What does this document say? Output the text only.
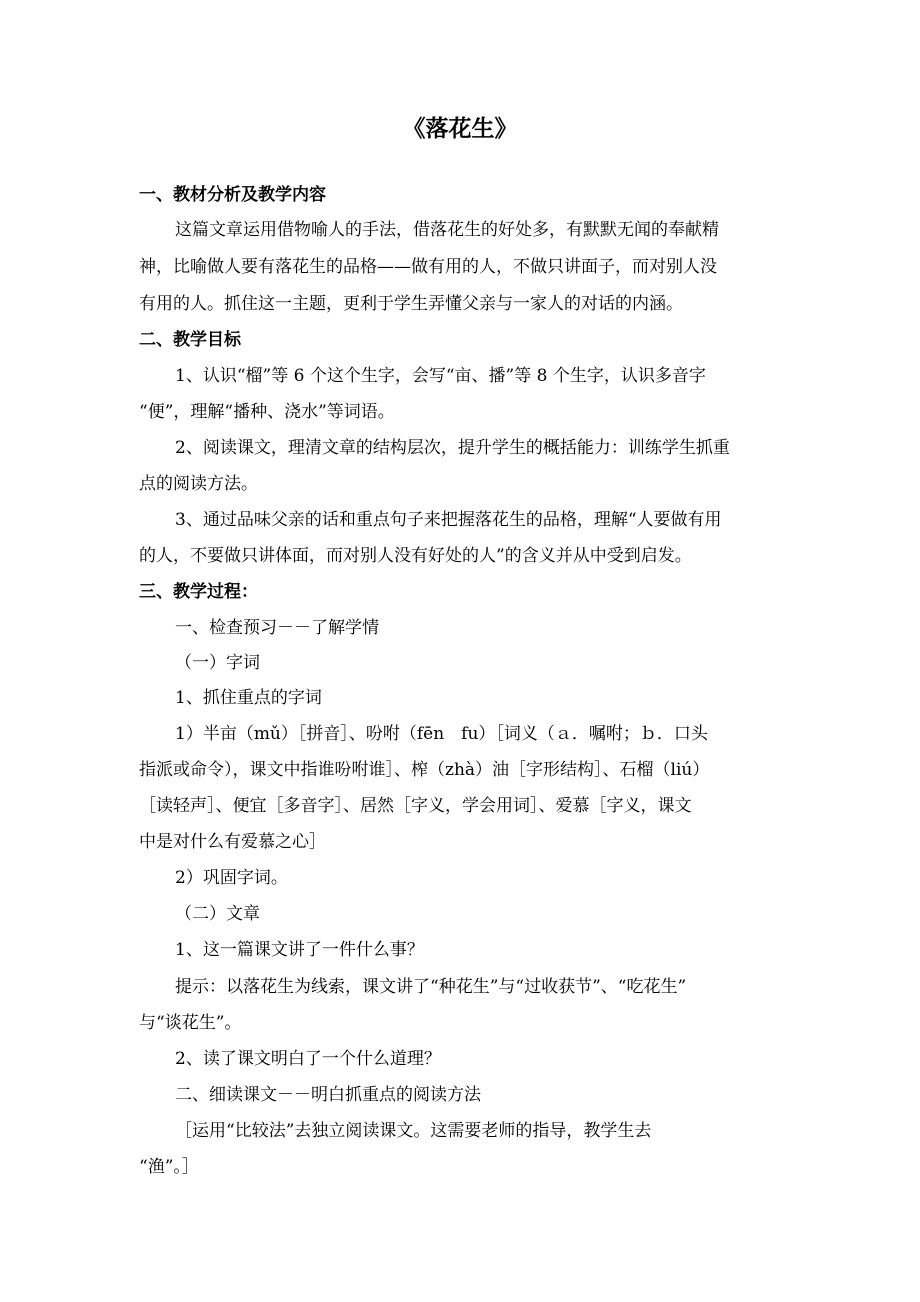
《落花生》
一、教材分析及教学内容
这篇文章运用借物喻人的手法，借落花生的好处多，有默默无闻的奉献精
神，比喻做人要有落花生的品格——做有用的人，不做只讲面子，而对别人没
有用的人。抓住这一主题，更利于学生弄懂父亲与一家人的对话的内涵。
二、教学目标
1、认识“榴”等 6 个这个生字，会写“亩、播”等 8 个生字，认识多音字
“便”，理解“播种、浇水”等词语。
2、阅读课文，理清文章的结构层次，提升学生的概括能力：训练学生抓重
点的阅读方法。
3、通过品味父亲的话和重点句子来把握落花生的品格，理解“人要做有用
的人，不要做只讲体面，而对别人没有好处的人”的含义并从中受到启发。
三、教学过程：
一、检查预习－－了解学情
（一）字词
1、抓住重点的字词
1）半亩（mǔ）［拼音］、吩咐（fēn　fu）［词义（ａ．嘱咐；ｂ．口头
指派或命令），课文中指谁吩咐谁］、榨（zhà）油［字形结构］、石榴（liú）
［读轻声］、便宜［多音字］、居然［字义，学会用词］、爱慕［字义，课文
中是对什么有爱慕之心］
2）巩固字词。
（二）文章
1、这一篇课文讲了一件什么事？
提示：以落花生为线索，课文讲了“种花生”与“过收获节”、“吃花生”
与“谈花生”。
2、读了课文明白了一个什么道理？
二、细读课文－－明白抓重点的阅读方法
［运用“比较法”去独立阅读课文。这需要老师的指导，教学生去
“渔”。］
